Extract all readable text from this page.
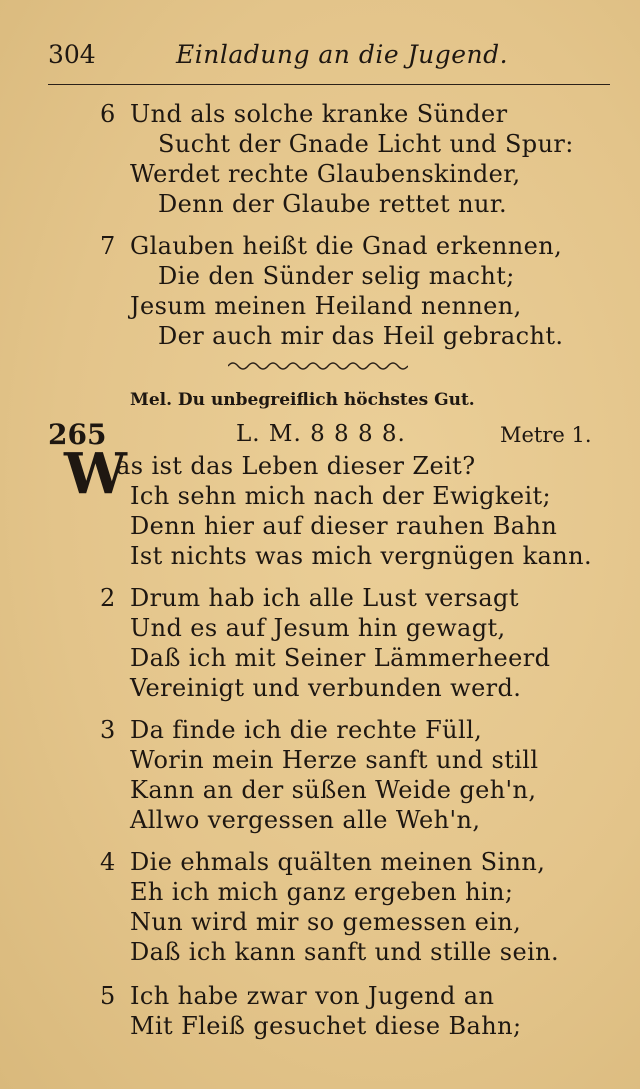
304	Einladung an die Jugend.
6 Und als solche kranke Sünder
Sucht der Gnade Licht und Spur:
Werdet rechte Glaubenskinder,
Denn der Glaube rettet nur.
7 Glauben heißt die Gnad erkennen,
Die den Sünder selig macht;
Jesum meinen Heiland nennen,
Der auch mir das Heil gebracht.
Mel. Du unbegreiflich höchstes Gut.
265	L. M. 8 8 8 8.	Metre 1.
W
as ist das Leben dieser Zeit?
Ich sehn mich nach der Ewigkeit;
Denn hier auf dieser rauhen Bahn
Ist nichts was mich vergnügen kann.
2 Drum hab ich alle Lust versagt
Und es auf Jesum hin gewagt,
Daß ich mit Seiner Lämmerheerd
Vereinigt und verbunden werd.
3 Da finde ich die rechte Füll,
Worin mein Herze sanft und still
Kann an der süßen Weide geh'n,
Allwo vergessen alle Weh'n,
4 Die ehmals quälten meinen Sinn,
Eh ich mich ganz ergeben hin;
Nun wird mir so gemessen ein,
Daß ich kann sanft und stille sein.
5 Ich habe zwar von Jugend an
Mit Fleiß gesuchet diese Bahn;
